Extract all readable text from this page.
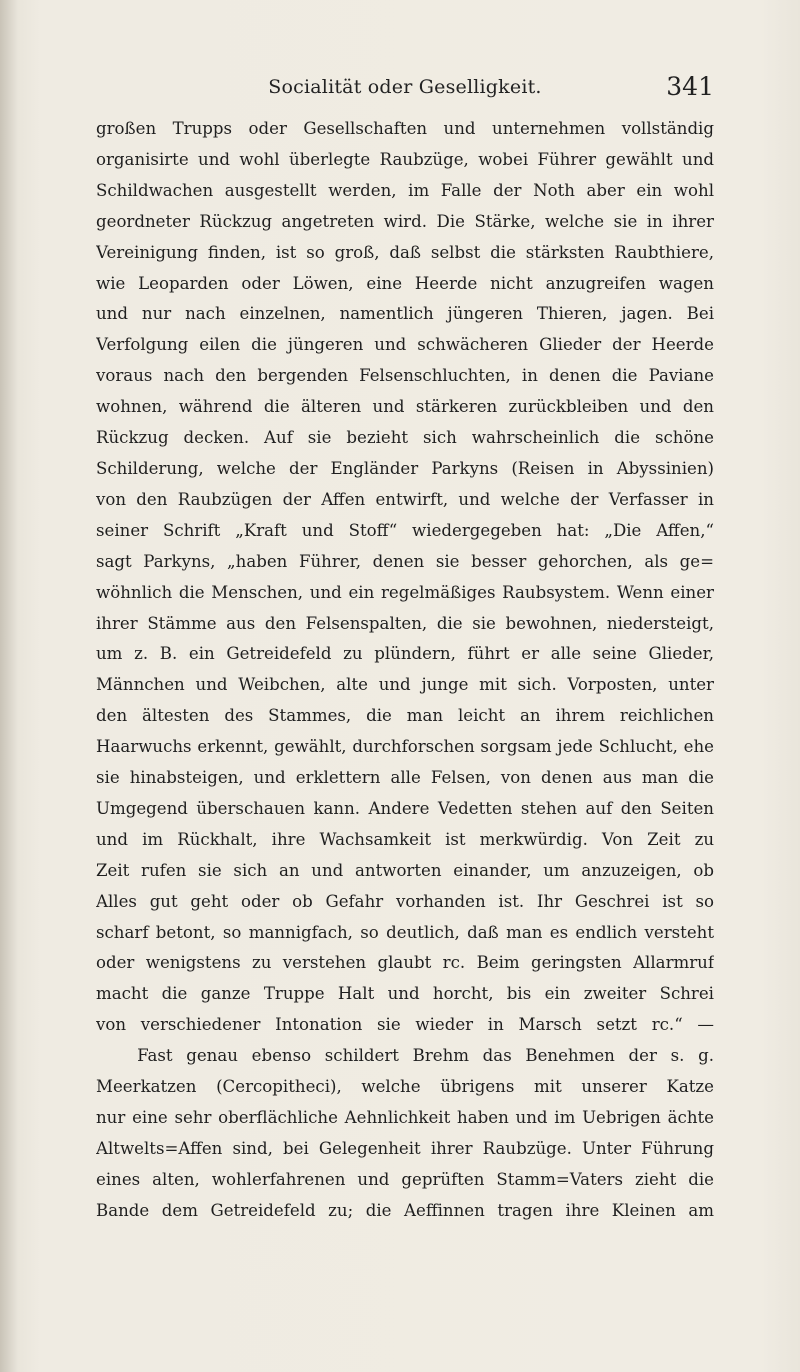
Socialität oder Geselligkeit.	341
großen Trupps oder Gesellschaften und unternehmen vollständig
organisirte und wohl überlegte Raubzüge, wobei Führer gewählt und
Schildwachen ausgestellt werden, im Falle der Noth aber ein wohl
geordneter Rückzug angetreten wird. Die Stärke, welche sie in ihrer
Vereinigung finden, ist so groß, daß selbst die stärksten Raubthiere,
wie Leoparden oder Löwen, eine Heerde nicht anzugreifen wagen
und nur nach einzelnen, namentlich jüngeren Thieren, jagen. Bei
Verfolgung eilen die jüngeren und schwächeren Glieder der Heerde
voraus nach den bergenden Felsenschluchten, in denen die Paviane
wohnen, während die älteren und stärkeren zurückbleiben und den
Rückzug decken. Auf sie bezieht sich wahrscheinlich die schöne
Schilderung, welche der Engländer Parkyns (Reisen in Abyssinien)
von den Raubzügen der Affen entwirft, und welche der Verfasser in
seiner Schrift „Kraft und Stoff“ wiedergegeben hat: „Die Affen,“
sagt Parkyns, „haben Führer, denen sie besser gehorchen, als ge=
wöhnlich die Menschen, und ein regelmäßiges Raubsystem. Wenn einer
ihrer Stämme aus den Felsenspalten, die sie bewohnen, niedersteigt,
um z. B. ein Getreidefeld zu plündern, führt er alle seine Glieder,
Männchen und Weibchen, alte und junge mit sich. Vorposten, unter
den ältesten des Stammes, die man leicht an ihrem reichlichen
Haarwuchs erkennt, gewählt, durchforschen sorgsam jede Schlucht, ehe
sie hinabsteigen, und erklettern alle Felsen, von denen aus man die
Umgegend überschauen kann. Andere Vedetten stehen auf den Seiten
und im Rückhalt, ihre Wachsamkeit ist merkwürdig. Von Zeit zu
Zeit rufen sie sich an und antworten einander, um anzuzeigen, ob
Alles gut geht oder ob Gefahr vorhanden ist. Ihr Geschrei ist so
scharf betont, so mannigfach, so deutlich, daß man es endlich versteht
oder wenigstens zu verstehen glaubt rc. Beim geringsten Allarmruf
macht die ganze Truppe Halt und horcht, bis ein zweiter Schrei
von verschiedener Intonation sie wieder in Marsch setzt rc.“ —
Fast genau ebenso schildert Brehm das Benehmen der s. g.
Meerkatzen (Cercopitheci), welche übrigens mit unserer Katze
nur eine sehr oberflächliche Aehnlichkeit haben und im Uebrigen ächte
Altwelts=Affen sind, bei Gelegenheit ihrer Raubzüge. Unter Führung
eines alten, wohlerfahrenen und geprüften Stamm=Vaters zieht die
Bande dem Getreidefeld zu; die Aeffinnen tragen ihre Kleinen am
